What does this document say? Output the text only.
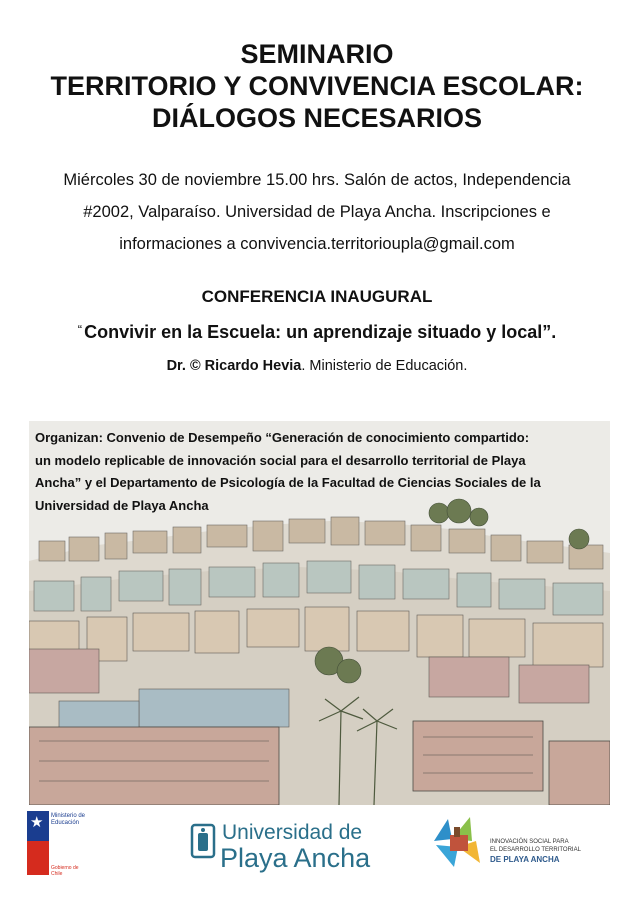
SEMINARIO
TERRITORIO Y CONVIVENCIA ESCOLAR:
DIÁLOGOS NECESARIOS
Miércoles 30 de noviembre 15.00 hrs. Salón de actos, Independencia
#2002, Valparaíso. Universidad de Playa Ancha. Inscripciones e
informaciones a convivencia.territorioupla@gmail.com
CONFERENCIA INAUGURAL
“ Convivir en la Escuela: un aprendizaje situado y local”.
Dr. © Ricardo Hevia. Ministerio de Educación.
Organizan: Convenio de Desempeño “Generación de conocimiento compartido:
un modelo replicable de innovación social para el desarrollo territorial de Playa
Ancha” y el Departamento de Psicología de la Facultad de Ciencias Sociales de la
Universidad de Playa Ancha
★ Ministerio de
Educación
Gobierno de Chile
Universidad de
Playa Ancha
INNOVACIÓN SOCIAL PARA
EL DESARROLLO TERRITORIAL
DE PLAYA ANCHA
